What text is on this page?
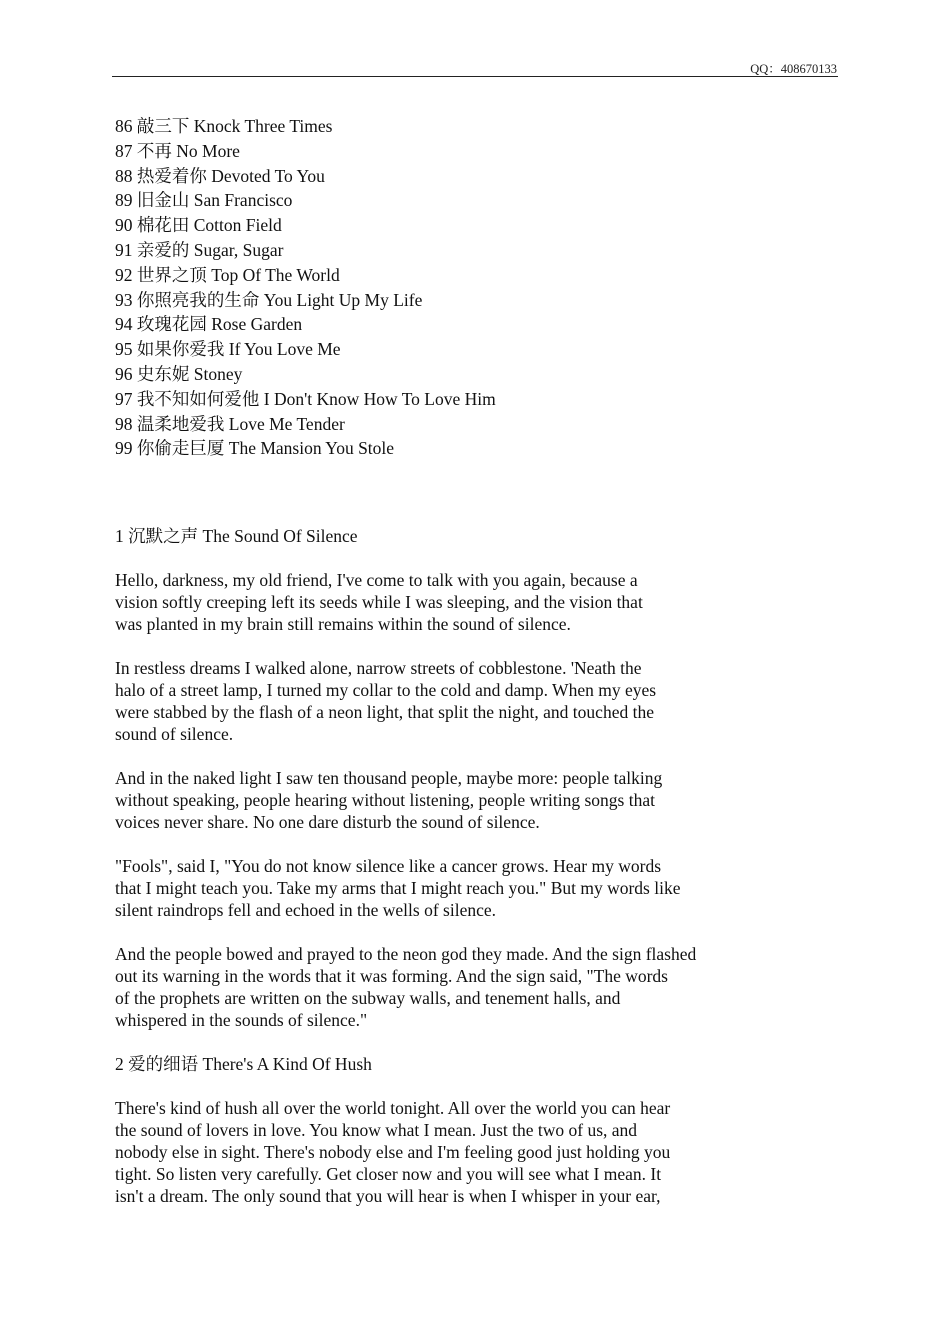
QQ：408670133
86 敲三下 Knock Three Times
87 不再 No More
88 热爱着你 Devoted To You
89 旧金山 San Francisco
90 棉花田 Cotton Field
91 亲爱的 Sugar, Sugar
92 世界之顶 Top Of The World
93 你照亮我的生命 You Light Up My Life
94 玫瑰花园 Rose Garden
95 如果你爱我 If You Love Me
96 史东妮 Stoney
97 我不知如何爱他 I Don't Know How To Love Him
98 温柔地爱我 Love Me Tender
99 你偷走巨厦 The Mansion You Stole
1 沉默之声 The Sound Of Silence

Hello, darkness, my old friend, I've come to talk with you again, because a
vision softly creeping left its seeds while I was sleeping, and the vision that
was planted in my brain still remains within the sound of silence.

In restless dreams I walked alone, narrow streets of cobblestone. 'Neath the
halo of a street lamp, I turned my collar to the cold and damp. When my eyes
were stabbed by the flash of a neon light, that split the night, and touched the
sound of silence.

And in the naked light I saw ten thousand people, maybe more: people talking
without speaking, people hearing without listening, people writing songs that
voices never share. No one dare disturb the sound of silence.

"Fools", said I, "You do not know silence like a cancer grows. Hear my words
that I might teach you. Take my arms that I might reach you." But my words like
silent raindrops fell and echoed in the wells of silence.

And the people bowed and prayed to the neon god they made. And the sign flashed
out its warning in the words that it was forming. And the sign said, "The words
of the prophets are written on the subway walls, and tenement halls, and
whispered in the sounds of silence."

2 爱的细语 There's A Kind Of Hush

There's kind of hush all over the world tonight. All over the world you can hear
the sound of lovers in love. You know what I mean. Just the two of us, and
nobody else in sight. There's nobody else and I'm feeling good just holding you
tight. So listen very carefully. Get closer now and you will see what I mean. It
isn't a dream. The only sound that you will hear is when I whisper in your ear,
